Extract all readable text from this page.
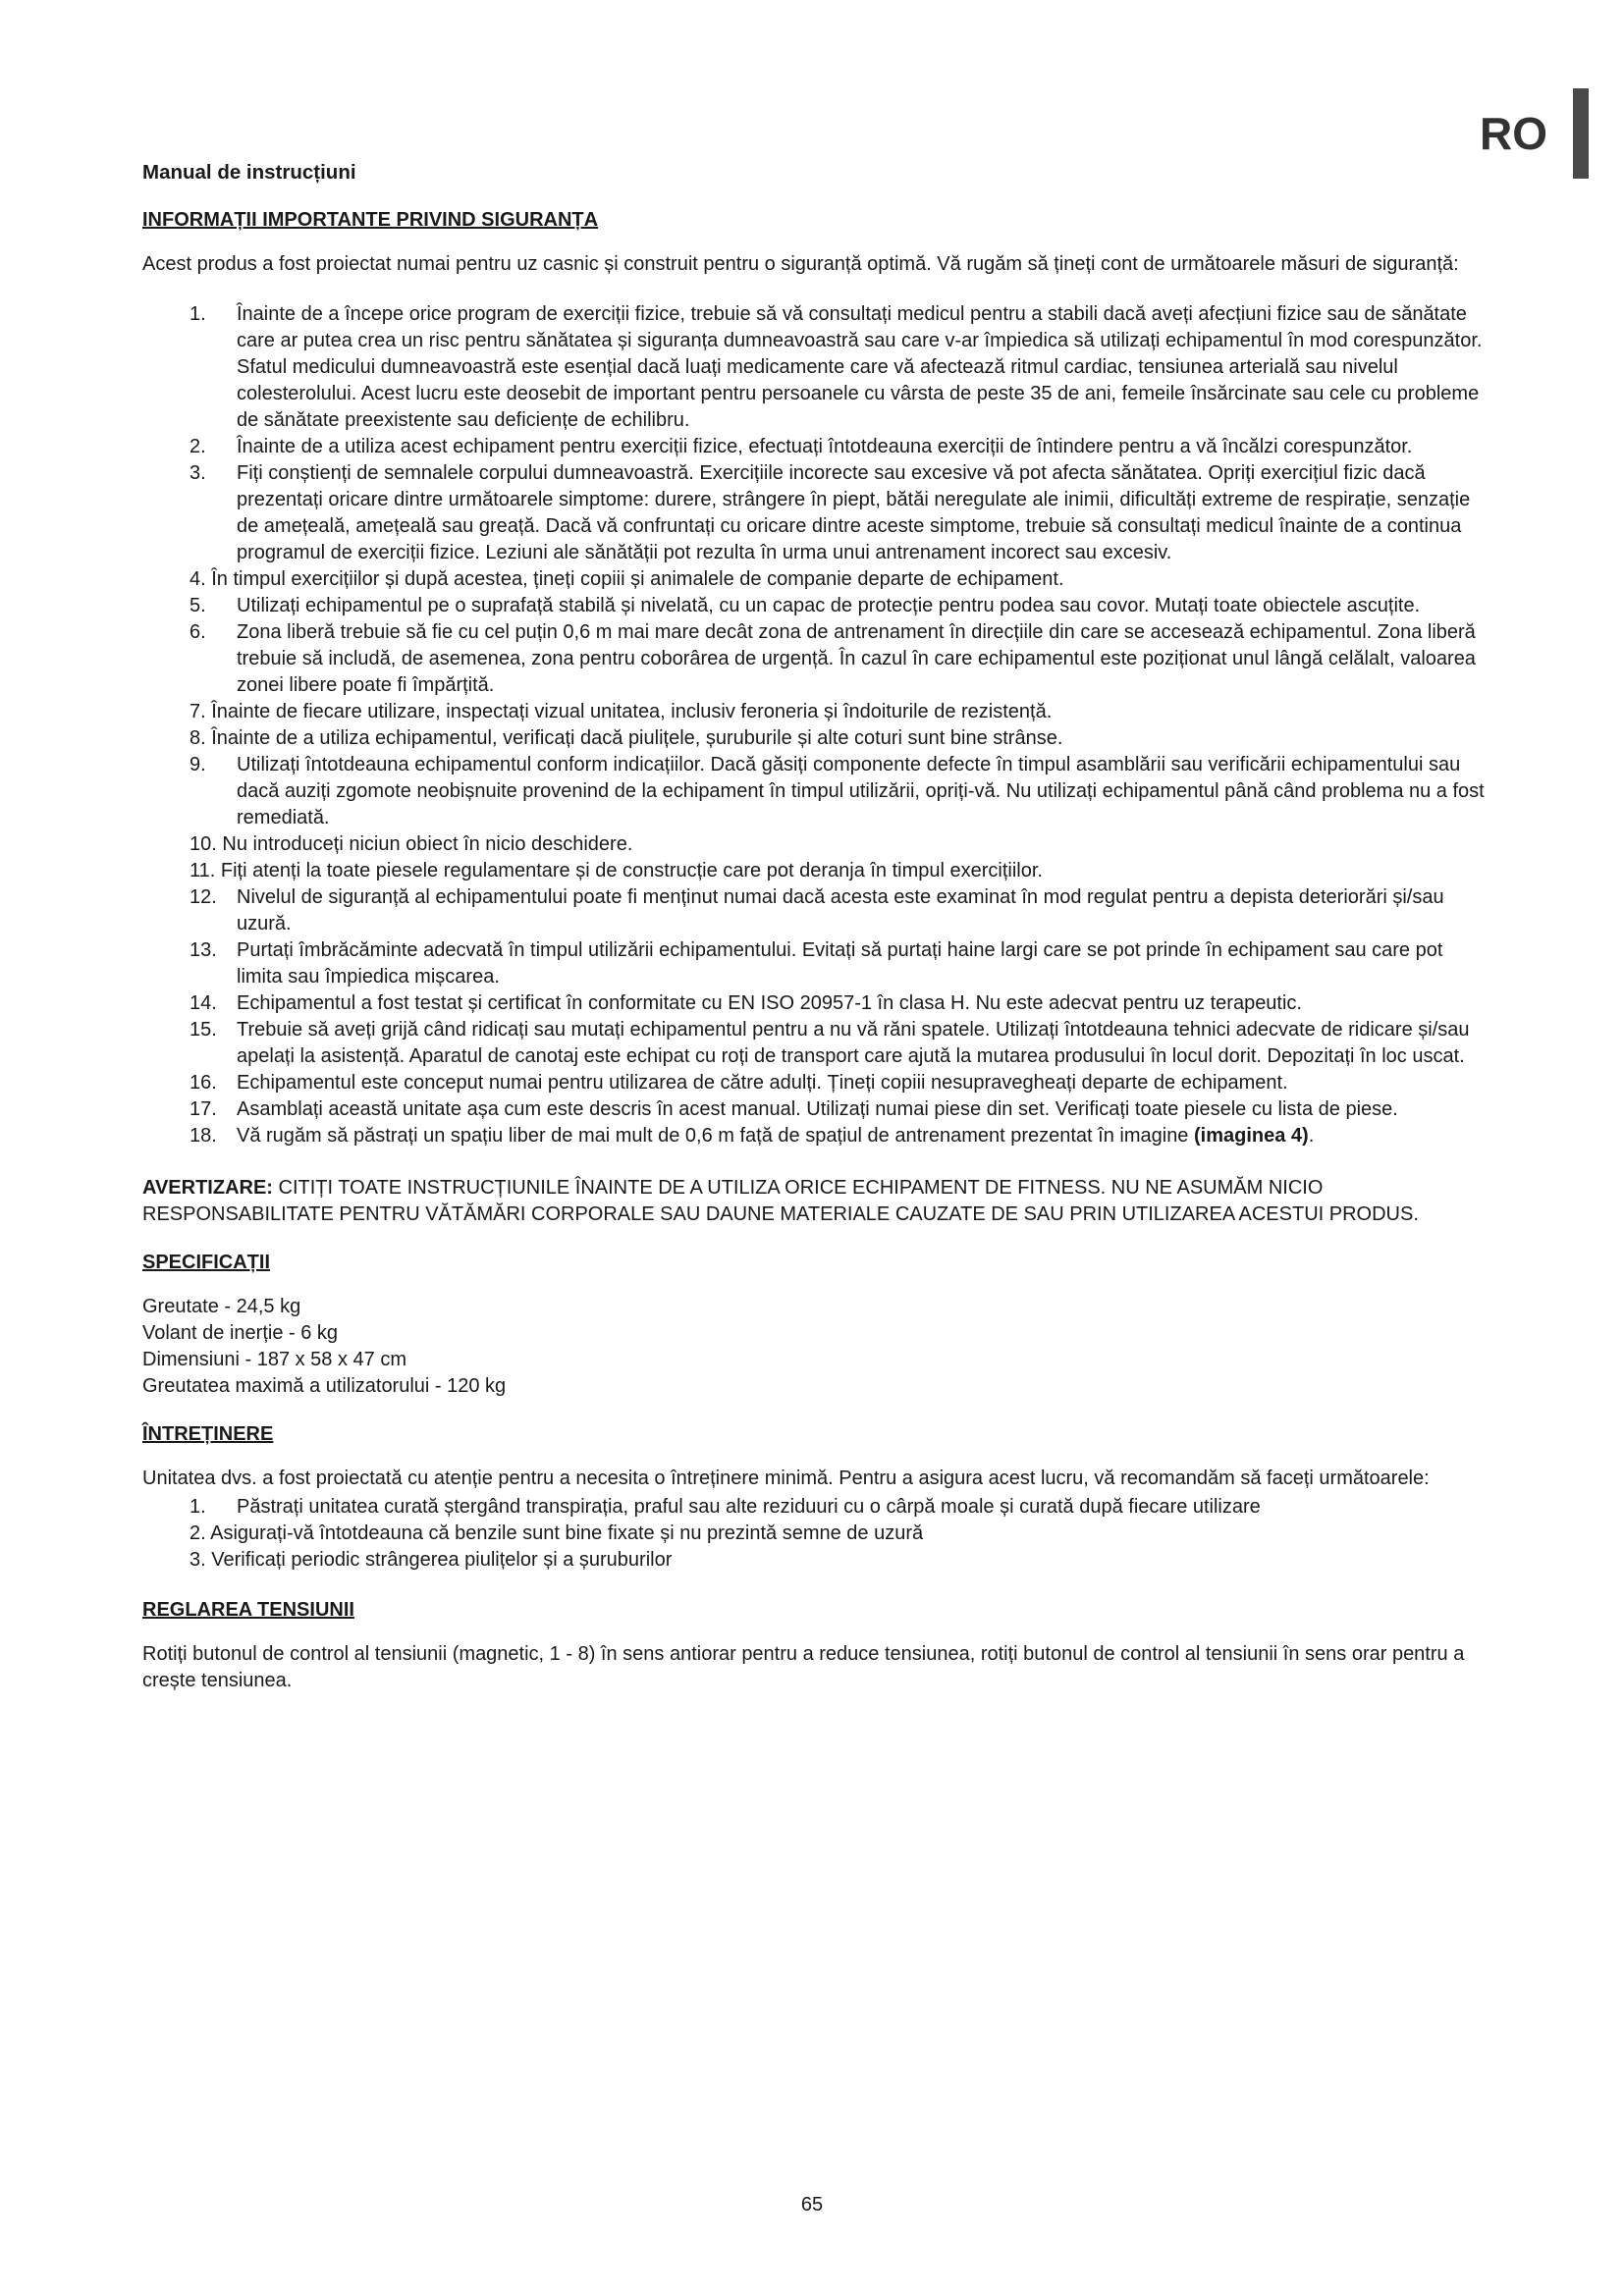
RO
Manual de instrucțiuni
INFORMAȚII IMPORTANTE PRIVIND SIGURANȚA

Acest produs a fost proiectat numai pentru uz casnic și construit pentru o siguranță optimă. Vă rugăm să țineți cont de următoarele măsuri de siguranță:

1. Înainte de a începe orice program de exerciții fizice, trebuie să vă consultați medicul pentru a stabili dacă aveți afecțiuni fizice sau de sănătate care ar putea crea un risc pentru sănătatea și siguranța dumneavoastră sau care v-ar împiedica să utilizați echipamentul în mod corespunzător. Sfatul medicului dumneavoastră este esențial dacă luați medicamente care vă afectează ritmul cardiac, tensiunea arterială sau nivelul colesterolului. Acest lucru este deosebit de important pentru persoanele cu vârsta de peste 35 de ani, femeile însărcinate sau cele cu probleme de sănătate preexistente sau deficiențe de echilibru.
2. Înainte de a utiliza acest echipament pentru exerciții fizice, efectuați întotdeauna exerciții de întindere pentru a vă încălzi corespunzător.
3. Fiți conștienți de semnalele corpului dumneavoastră. Exercițiile incorecte sau excesive vă pot afecta sănătatea. Opriți exercițiul fizic dacă prezentați oricare dintre următoarele simptome: durere, strângere în piept, bătăi neregulate ale inimii, dificultăți extreme de respirație, senzație de amețeală, amețeală sau greață. Dacă vă confruntați cu oricare dintre aceste simptome, trebuie să consultați medicul înainte de a continua programul de exerciții fizice. Leziuni ale sănătății pot rezulta în urma unui antrenament incorect sau excesiv.
4. În timpul exercițiilor și după acestea, țineți copiii și animalele de companie departe de echipament.
5. Utilizați echipamentul pe o suprafață stabilă și nivelată, cu un capac de protecție pentru podea sau covor. Mutați toate obiectele ascuțite.
6. Zona liberă trebuie să fie cu cel puțin 0,6 m mai mare decât zona de antrenament în direcțiile din care se accesează echipamentul. Zona liberă trebuie să includă, de asemenea, zona pentru coborârea de urgență. În cazul în care echipamentul este poziționat unul lângă celălalt, valoarea zonei libere poate fi împărțită.
7. Înainte de fiecare utilizare, inspectați vizual unitatea, inclusiv feroneria și îndoiturile de rezistență.
8. Înainte de a utiliza echipamentul, verificați dacă piulițele, șuruburile și alte coturi sunt bine strânse.
9. Utilizați întotdeauna echipamentul conform indicațiilor. Dacă găsiți componente defecte în timpul asamblării sau verificării echipamentului sau dacă auziți zgomote neobișnuite provenind de la echipament în timpul utilizării, opriți-vă. Nu utilizați echipamentul până când problema nu a fost remediată.
10. Nu introduceți niciun obiect în nicio deschidere.
11. Fiți atenți la toate piesele regulamentare și de construcție care pot deranja în timpul exercițiilor.
12. Nivelul de siguranță al echipamentului poate fi menținut numai dacă acesta este examinat în mod regulat pentru a depista deteriorări și/sau uzură.
13. Purtați îmbrăcăminte adecvată în timpul utilizării echipamentului. Evitați să purtați haine largi care se pot prinde în echipament sau care pot limita sau împiedica mișcarea.
14. Echipamentul a fost testat și certificat în conformitate cu EN ISO 20957-1 în clasa H. Nu este adecvat pentru uz terapeutic.
15. Trebuie să aveți grijă când ridicați sau mutați echipamentul pentru a nu vă răni spatele. Utilizați întotdeauna tehnici adecvate de ridicare și/sau apelați la asistență. Aparatul de canotaj este echipat cu roți de transport care ajută la mutarea produsului în locul dorit. Depozitați în loc uscat.
16. Echipamentul este conceput numai pentru utilizarea de către adulți. Țineți copiii nesupravegheați departe de echipament.
17. Asamblați această unitate așa cum este descris în acest manual. Utilizați numai piese din set. Verificați toate piesele cu lista de piese.
18. Vă rugăm să păstrați un spațiu liber de mai mult de 0,6 m față de spațiul de antrenament prezentat în imagine (imaginea 4).

AVERTIZARE: CITIȚI TOATE INSTRUCȚIUNILE ÎNAINTE DE A UTILIZA ORICE ECHIPAMENT DE FITNESS. NU NE ASUMĂM NICIO RESPONSABILITATE PENTRU VĂTĂMĂRI CORPORALE SAU DAUNE MATERIALE CAUZATE DE SAU PRIN UTILIZAREA ACESTUI PRODUS.

SPECIFICAȚII
Greutate - 24,5 kg
Volant de inerție - 6 kg
Dimensiuni - 187 x 58 x 47 cm
Greutatea maximă a utilizatorului - 120 kg
ÎNTREȚINERE

Unitatea dvs. a fost proiectată cu atenție pentru a necesita o întreținere minimă. Pentru a asigura acest lucru, vă recomandăm să faceți următoarele:

1. Păstrați unitatea curată ștergând transpirația, praful sau alte reziduuri cu o cârpă moale și curată după fiecare utilizare
2. Asigurați-vă întotdeauna că benzile sunt bine fixate și nu prezintă semne de uzură
3. Verificați periodic strângerea piulițelor și a șuruburilor
REGLAREA TENSIUNII

Rotiți butonul de control al tensiunii (magnetic, 1 - 8) în sens antiorar pentru a reduce tensiunea, rotiți butonul de control al tensiunii în sens orar pentru a crește tensiunea.

65
